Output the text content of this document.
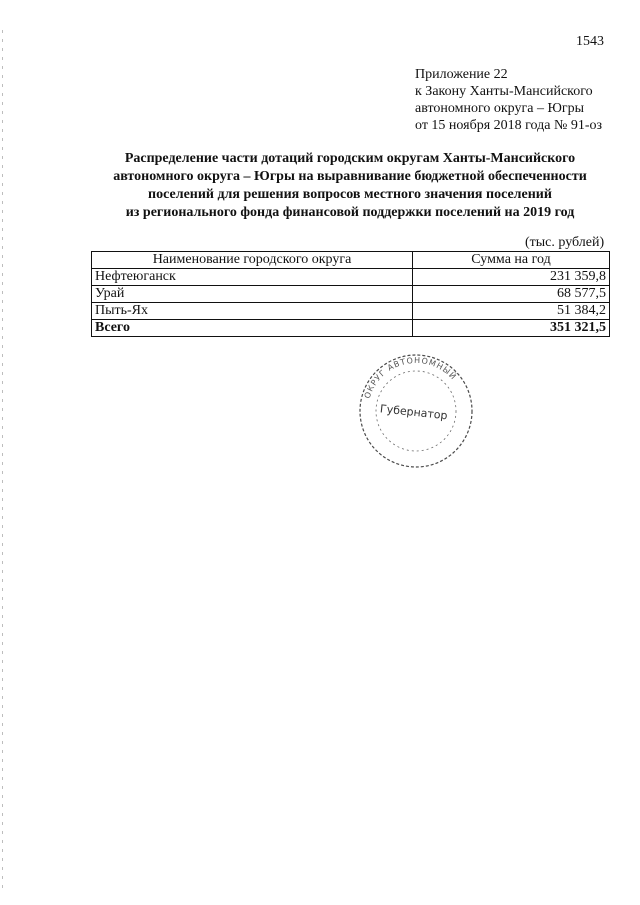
1543
Приложение 22
к Закону Ханты-Мансийского
автономного округа – Югры
от 15 ноября 2018 года № 91-оз
Распределение части дотаций городским округам Ханты-Мансийского
автономного округа – Югры на выравнивание бюджетной обеспеченности
поселений для решения вопросов местного значения поселений
из регионального фонда финансовой поддержки поселений на 2019 год
(тыс. рублей)
Наименование городского округа	Сумма на год
Нефтеюганск	231 359,8
Урай	68 577,5
Пыть-Ях	51 384,2
Всего	351 321,5
ОКРУГ АВТОНОМНЫЙ
Губернатор
